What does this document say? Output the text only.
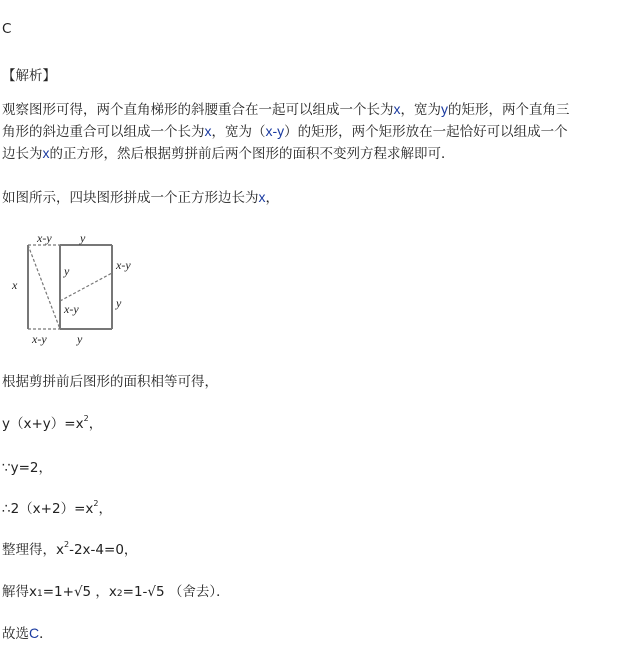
C
【解析】
观察图形可得，两个直角梯形的斜腰重合在一起可以组成一个长为x，宽为y的矩形，两个直角三
角形的斜边重合可以组成一个长为x，宽为（x-y）的矩形，两个矩形放在一起恰好可以组成一个
边长为x的正方形，然后根据剪拼前后两个图形的面积不变列方程求解即可．
如图所示，四块图形拼成一个正方形边长为x，
x-y y
x
y	x-y
y
x-y
x-y	y
根据剪拼前后图形的面积相等可得，
$y(x+y)=x^2$，
∵y=2，
$\therefore 2(x+2)=x^2$，
整理得，$x^2-2x-4=0$，
解得x1=1+√5 ，x2=1-√5 （舍去）．
故选C．
